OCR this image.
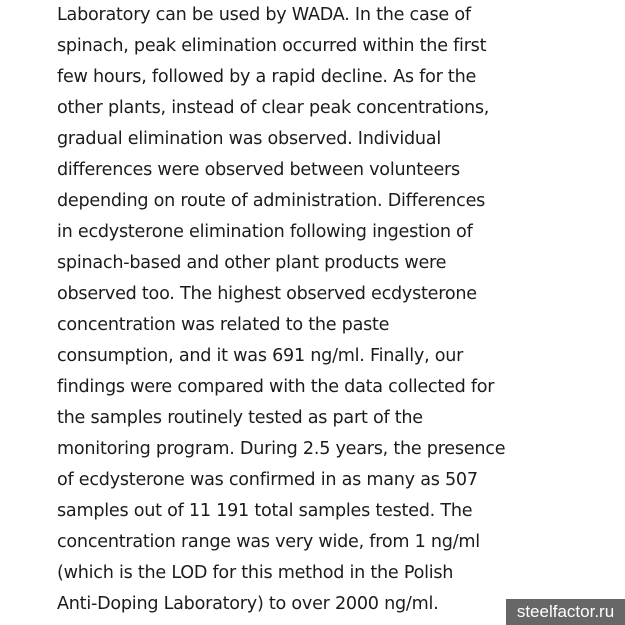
Laboratory can be used by WADA. In the case of
spinach, peak elimination occurred within the first
few hours, followed by a rapid decline. As for the
other plants, instead of clear peak concentrations,
gradual elimination was observed. Individual
differences were observed between volunteers
depending on route of administration. Differences
in ecdysterone elimination following ingestion of
spinach-based and other plant products were
observed too. The highest observed ecdysterone
concentration was related to the paste
consumption, and it was 691 ng/ml. Finally, our
findings were compared with the data collected for
the samples routinely tested as part of the
monitoring program. During 2.5 years, the presence
of ecdysterone was confirmed in as many as 507
samples out of 11 191 total samples tested. The
concentration range was very wide, from 1 ng/ml
(which is the LOD for this method in the Polish
Anti-Doping Laboratory) to over 2000 ng/ml.	steelfactor.ru
